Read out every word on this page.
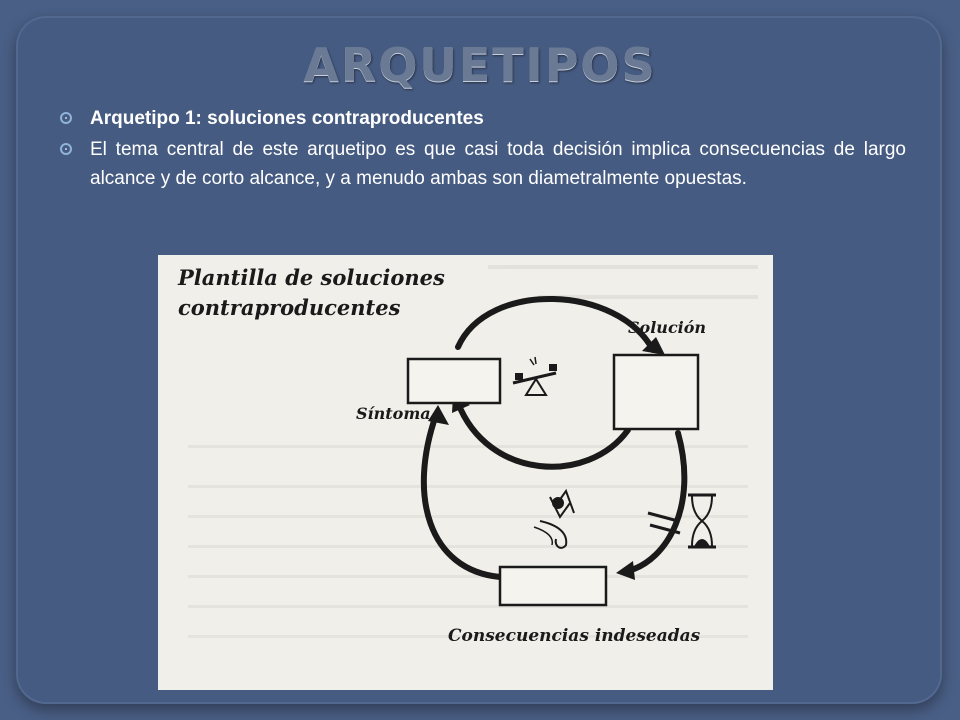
ARQUETIPOS
Arquetipo 1: soluciones contraproducentes
El tema central de este arquetipo es que casi toda decisión implica consecuencias de largo alcance y de corto alcance, y a menudo ambas son diametralmente opuestas.
Plantilla de soluciones
contraproducentes
Solución
Síntoma
Consecuencias indeseadas
